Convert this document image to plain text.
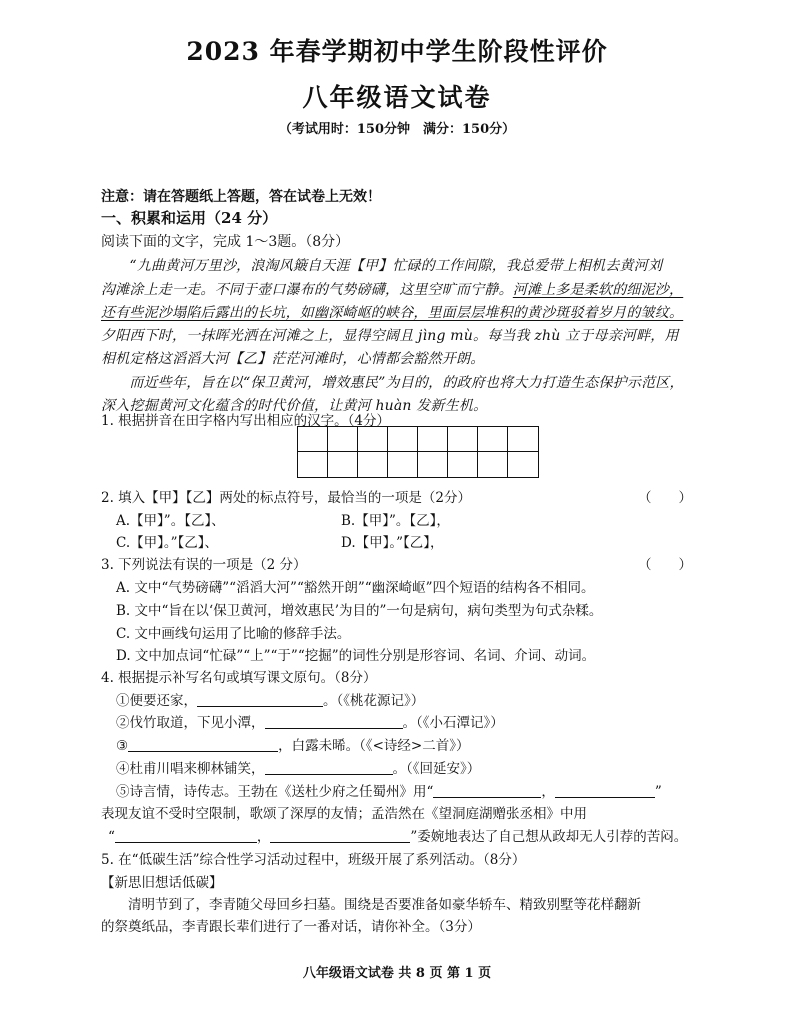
2023 年春学期初中学生阶段性评价
八年级语文试卷
（考试用时：150分钟　满分：150分）
注意：请在答题纸上答题，答在试卷上无效！
一、积累和运用（24 分）
阅读下面的文字，完成 1～3题。（8分）
　　“九曲黄河万里沙，浪淘风簸自天涯【甲】忙碌的工作间隙，我总爱带上相机去黄河刘
沟滩涂上走一走。不同于壶口瀑布的气势磅礴，这里空旷而宁静。河滩上多是柔软的细泥沙，
还有些泥沙塌陷后露出的长坑，如幽深崎岖的峡谷，里面层层堆积的黄沙斑驳着岁月的皱纹。
夕阳西下时，一抹晖光洒在河滩之上，显得空阔且 jìng mù。每当我 zhù 立于母亲河畔，用
相机定格这滔滔大河【乙】茫茫河滩时，心情都会豁然开朗。
　　而近些年，旨在以“保卫黄河，增效惠民”为目的，的政府也将大力打造生态保护示范区，
深入挖掘黄河文化蕴含的时代价值，让黄河 huàn 发新生机。
1. 根据拼音在田字格内写出相应的汉字。（4分）
2. 填入【甲】【乙】两处的标点符号，最恰当的一项是（2分）	（　　）
A.【甲】”。【乙】、	B.【甲】”。【乙】，
C.【甲】。”【乙】、	D.【甲】。”【乙】，
3. 下列说法有误的一项是（2 分）	（　　）
A. 文中“气势磅礴”“滔滔大河”“豁然开朗”“幽深崎岖”四个短语的结构各不相同。
B. 文中“旨在以‘保卫黄河，增效惠民’为目的”一句是病句，病句类型为句式杂糅。
C. 文中画线句运用了比喻的修辞手法。
D. 文中加点词“忙碌”“上”“于”“挖掘”的词性分别是形容词、名词、介词、动词。
4. 根据提示补写名句或填写课文原句。（8分）
①便要还家，	。（《桃花源记》）
②伐竹取道，下见小潭，	。（《小石潭记》）
③	，白露未晞。（《<诗经>二首》）
④杜甫川唱来柳林铺笑，	。（《回延安》）
⑤诗言情，诗传志。王勃在《送杜少府之任蜀州》用“	，	”
表现友谊不受时空限制，歌颂了深厚的友情；孟浩然在《望洞庭湖赠张丞相》中用
“	，	”委婉地表达了自己想从政却无人引荐的苦闷。
5. 在“低碳生活”综合性学习活动过程中，班级开展了系列活动。（8分）
【新思旧想话低碳】
　　清明节到了，李青随父母回乡扫墓。围绕是否要准备如豪华轿车、精致别墅等花样翻新
的祭奠纸品，李青跟长辈们进行了一番对话，请你补全。（3分）
八年级语文试卷 共 8 页 第 1 页
